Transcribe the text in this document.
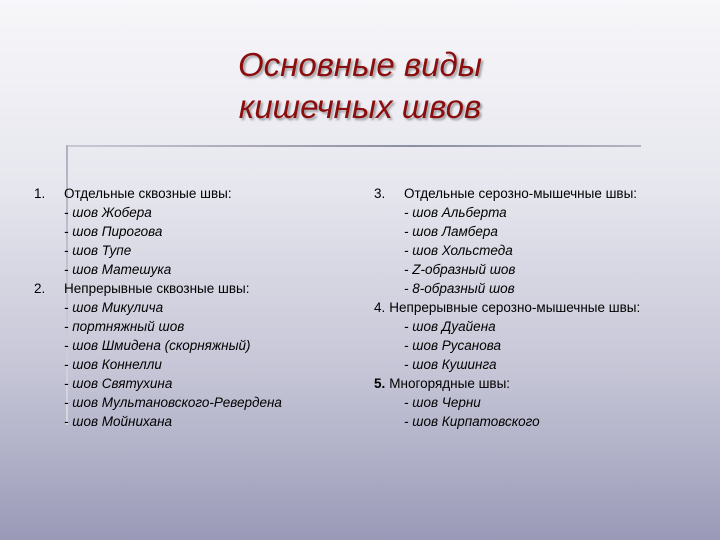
Основные виды
кишечных швов
1. Отдельные сквозные швы:
- шов Жобера
- шов Пирогова
- шов Тупе
- шов Матешука
2. Непрерывные сквозные швы:
- шов Микулича
- портняжный шов
- шов Шмидена (скорняжный)
- шов Коннелли
- шов Святухина
- шов Мультановского-Ревердена
- шов Мойнихана
3. Отдельные серозно-мышечные швы:
- шов Альберта
- шов Ламбера
- шов Хольстеда
- Z-образный шов
- 8-образный шов
4. Непрерывные серозно-мышечные швы:
- шов Дуайена
- шов Русанова
- шов Кушинга
5. Многорядные швы:
- шов Черни
- шов Кирпатовского
